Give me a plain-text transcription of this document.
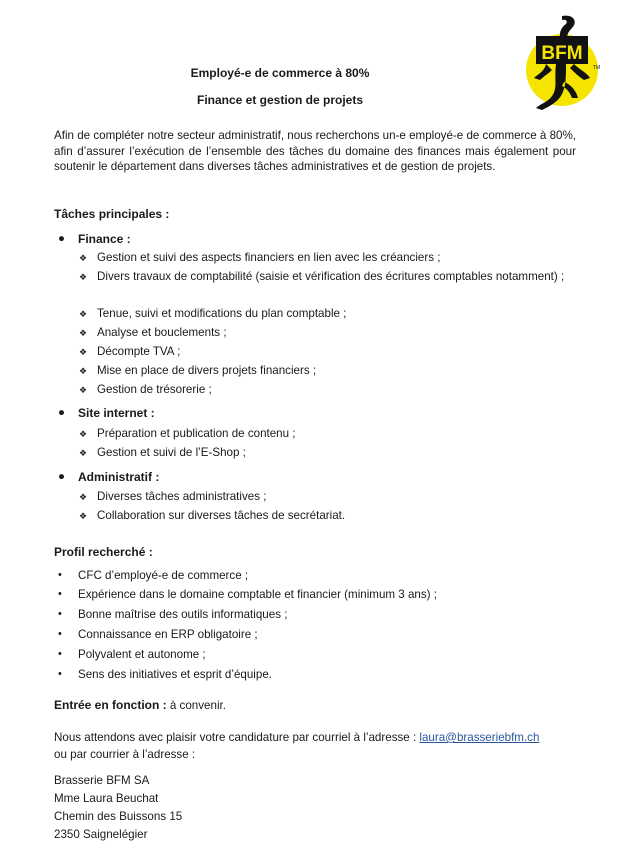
BFM
TM
Employé-e de commerce à 80%
Finance et gestion de projets
Afin de compléter notre secteur administratif, nous recherchons un-e employé-e de commerce à 80%, afin d’assurer l’exécution de l’ensemble des tâches du domaine des finances mais également pour soutenir le département dans diverses tâches administratives et de gestion de projets.
Tâches principales :
● Finance :
❖ Gestion et suivi des aspects financiers en lien avec les créanciers ;
❖ Divers travaux de comptabilité (saisie et vérification des écritures comptables notamment) ;
❖ Tenue, suivi et modifications du plan comptable ;
❖ Analyse et bouclements ;
❖ Décompte TVA ;
❖ Mise en place de divers projets financiers ;
❖ Gestion de trésorerie ;
● Site internet :
❖ Préparation et publication de contenu ;
❖ Gestion et suivi de l’E-Shop ;
● Administratif :
❖ Diverses tâches administratives ;
❖ Collaboration sur diverses tâches de secrétariat.
Profil recherché :
• CFC d’employé-e de commerce ;
• Expérience dans le domaine comptable et financier (minimum 3 ans) ;
• Bonne maîtrise des outils informatiques ;
• Connaissance en ERP obligatoire ;
• Polyvalent et autonome ;
• Sens des initiatives et esprit d’équipe.
Entrée en fonction : à convenir.
Nous attendons avec plaisir votre candidature par courriel à l’adresse : laura@brasseriebfm.ch
ou par courrier à l’adresse :
Brasserie BFM SA
Mme Laura Beuchat
Chemin des Buissons 15
2350 Saignelégier
